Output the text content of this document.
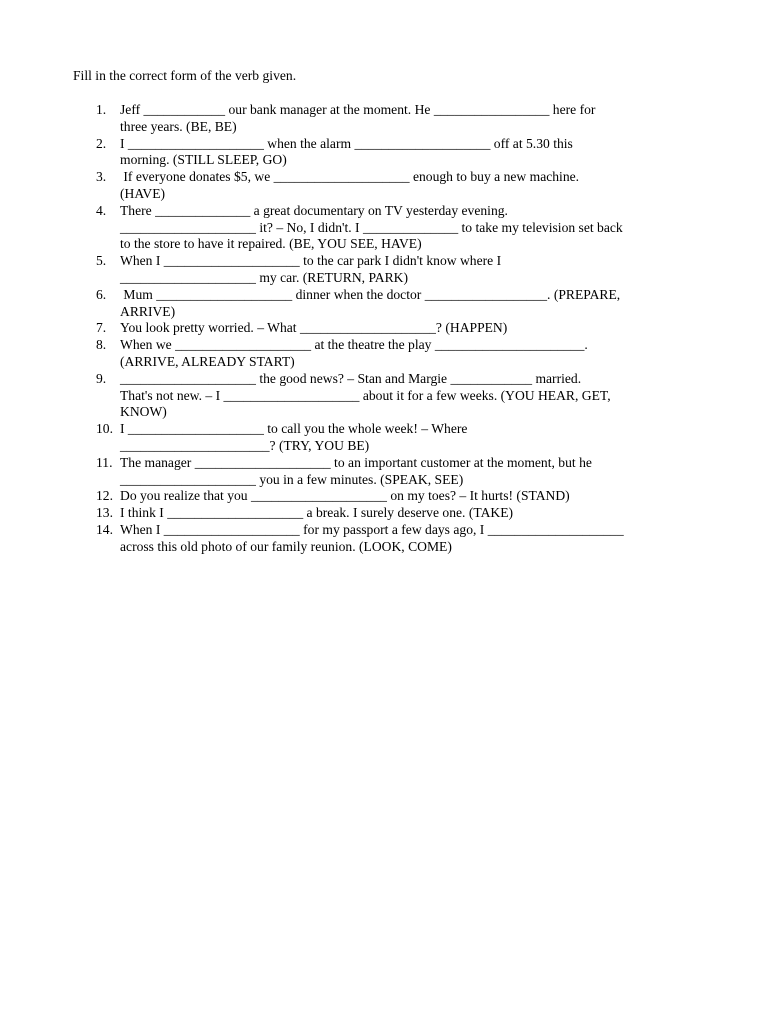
Fill in the correct form of the verb given.
1.	Jeff ____________ our bank manager at the moment. He _________________ here for
three years. (BE, BE)
2.	I ____________________ when the alarm ____________________ off at 5.30 this
morning. (STILL SLEEP, GO)
3.	If everyone donates $5, we ____________________ enough to buy a new machine.
(HAVE)
4.	There ______________ a great documentary on TV yesterday evening.
____________________ it? – No, I didn't. I ______________ to take my television set back
to the store to have it repaired. (BE, YOU SEE, HAVE)
5.	When I ____________________ to the car park I didn't know where I
____________________ my car. (RETURN, PARK)
6.	Mum ____________________ dinner when the doctor __________________. (PREPARE,
ARRIVE)
7.	You look pretty worried. – What ____________________? (HAPPEN)
8.	When we ____________________ at the theatre the play ______________________.
(ARRIVE, ALREADY START)
9.	____________________ the good news? – Stan and Margie ____________ married.
That's not new. – I ____________________ about it for a few weeks. (YOU HEAR, GET,
KNOW)
10. I ____________________ to call you the whole week! – Where
______________________? (TRY, YOU BE)
11. The manager ____________________ to an important customer at the moment, but he
____________________ you in a few minutes. (SPEAK, SEE)
12. Do you realize that you ____________________ on my toes? – It hurts! (STAND)
13. I think I ____________________ a break. I surely deserve one. (TAKE)
14. When I ____________________ for my passport a few days ago, I ____________________
across this old photo of our family reunion. (LOOK, COME)
